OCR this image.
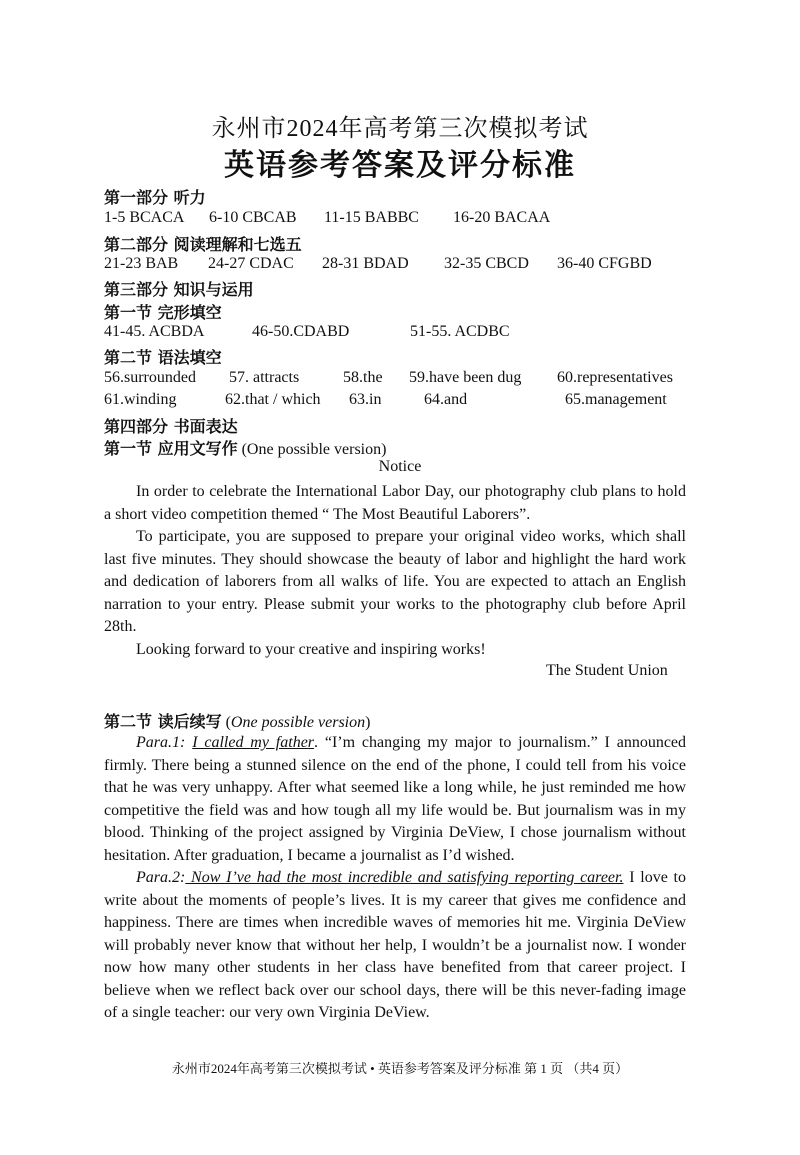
永州市2024年高考第三次模拟考试
英语参考答案及评分标准
第一部分 听力
1-5 BCACA 6-10 CBCAB 11-15 BABBC 16-20 BACAA
第二部分 阅读理解和七选五
21-23 BAB 24-27 CDAC 28-31 BDAD 32-35 CBCD 36-40 CFGBD
第三部分 知识与运用
第一节 完形填空
41-45. ACBDA	46-50.CDABD	51-55. ACDBC
第二节 语法填空
56.surrounded 57. attracts	58.the 59.have been dug 60.representatives
61.winding	62.that / which 63.in	64.and	65.management
第四部分 书面表达
第一节 应用文写作 (One possible version)
Notice

In order to celebrate the International Labor Day, our photography club plans to hold a short video competition themed “ The Most Beautiful Laborers”.

To participate, you are supposed to prepare your original video works, which shall last five minutes. They should showcase the beauty of labor and highlight the hard work and dedication of laborers from all walks of life. You are expected to attach an English narration to your entry. Please submit your works to the photography club before April 28th.

Looking forward to your creative and inspiring works!

The Student Union
第二节 读后续写 (One possible version)

Para.1: I called my father. “I’m changing my major to journalism.” I announced firmly. There being a stunned silence on the end of the phone, I could tell from his voice that he was very unhappy. After what seemed like a long while, he just reminded me how competitive the field was and how tough all my life would be. But journalism was in my blood. Thinking of the project assigned by Virginia DeView, I chose journalism without hesitation. After graduation, I became a journalist as I’d wished.

Para.2: Now I’ve had the most incredible and satisfying reporting career. I love to write about the moments of people’s lives. It is my career that gives me confidence and happiness. There are times when incredible waves of memories hit me. Virginia DeView will probably never know that without her help, I wouldn’t be a journalist now. I wonder now how many other students in her class have benefited from that career project. I believe when we reflect back over our school days, there will be this never-fading image of a single teacher: our very own Virginia DeView.

永州市2024年高考第三次模拟考试 • 英语参考答案及评分标准 第 1 页 （共4 页）
